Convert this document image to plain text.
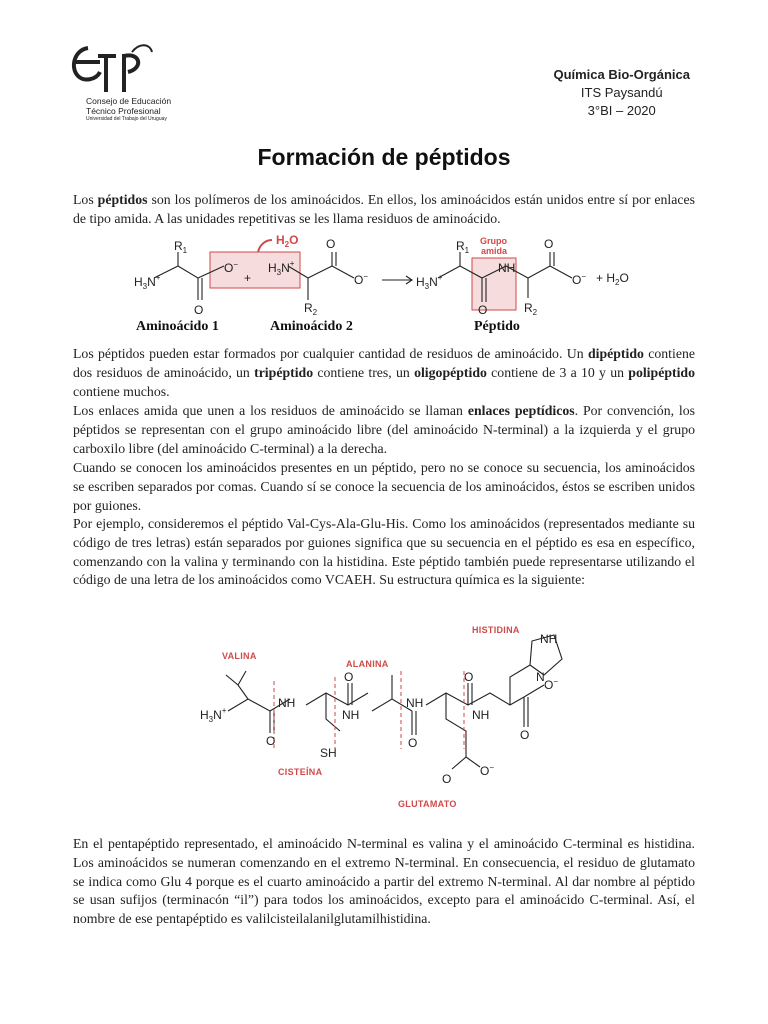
Consejo de Educación
Técnico Profesional
Universidad del Trabajo del Uruguay
Química Bio-Orgánica
ITS Paysandú
3°BI – 2020
Formación de péptidos

Los péptidos son los polímeros de los aminoácidos. En ellos, los aminoácidos están unidos entre sí por enlaces de tipo amida. A las unidades repetitivas se les llama residuos de aminoácido.

$R_1$
$H_3N^+$
O
O−
+
$H_3N^+$
O
O−
$R_2$
$R_1$
$H_3N^+$
NH
O
O
O−
$R_2$
+ $H_2O$
$H_2O$	Grupo
amida
Aminoácido 1	Aminoácido 2	Péptido

Los péptidos pueden estar formados por cualquier cantidad de residuos de aminoácido. Un dipéptido contiene dos residuos de aminoácido, un tripéptido contiene tres, un oligopéptido contiene de 3 a 10 y un polipéptido contiene muchos.

Los enlaces amida que unen a los residuos de aminoácido se llaman enlaces peptídicos. Por convención, los péptidos se representan con el grupo aminoácido libre (del aminoácido N-terminal) a la izquierda y el grupo carboxilo libre (del aminoácido C-terminal) a la derecha.

Cuando se conocen los aminoácidos presentes en un péptido, pero no se conoce su secuencia, los aminoácidos se escriben separados por comas. Cuando sí se conoce la secuencia de los aminoácidos, éstos se escriben unidos por guiones.

Por ejemplo, consideremos el péptido Val-Cys-Ala-Glu-His. Como los aminoácidos (representados mediante su código de tres letras) están separados por guiones significa que su secuencia en el péptido es esa en específico, comenzando con la valina y terminando con la histidina. Este péptido también puede representarse utilizando el código de una letra de los aminoácidos como VCAEH. Su estructura química es la siguiente:

$H_3N^+$
NH
NH
NH
NH
O
O
O
O
O
O−
SH
O
O−
NH
N
VALINA
CISTEÍNA
ALANINA
GLUTAMATO
HISTIDINA

En el pentapéptido representado, el aminoácido N-terminal es valina y el aminoácido C-terminal es histidina. Los aminoácidos se numeran comenzando en el extremo N-terminal. En consecuencia, el residuo de glutamato se indica como Glu 4 porque es el cuarto aminoácido a partir del extremo N-terminal. Al dar nombre al péptido se usan sufijos (terminacón “il”) para todos los aminoácidos, excepto para el aminoácido C-terminal. Así, el nombre de ese pentapéptido es valilcisteilalanilglutamilhistidina.
